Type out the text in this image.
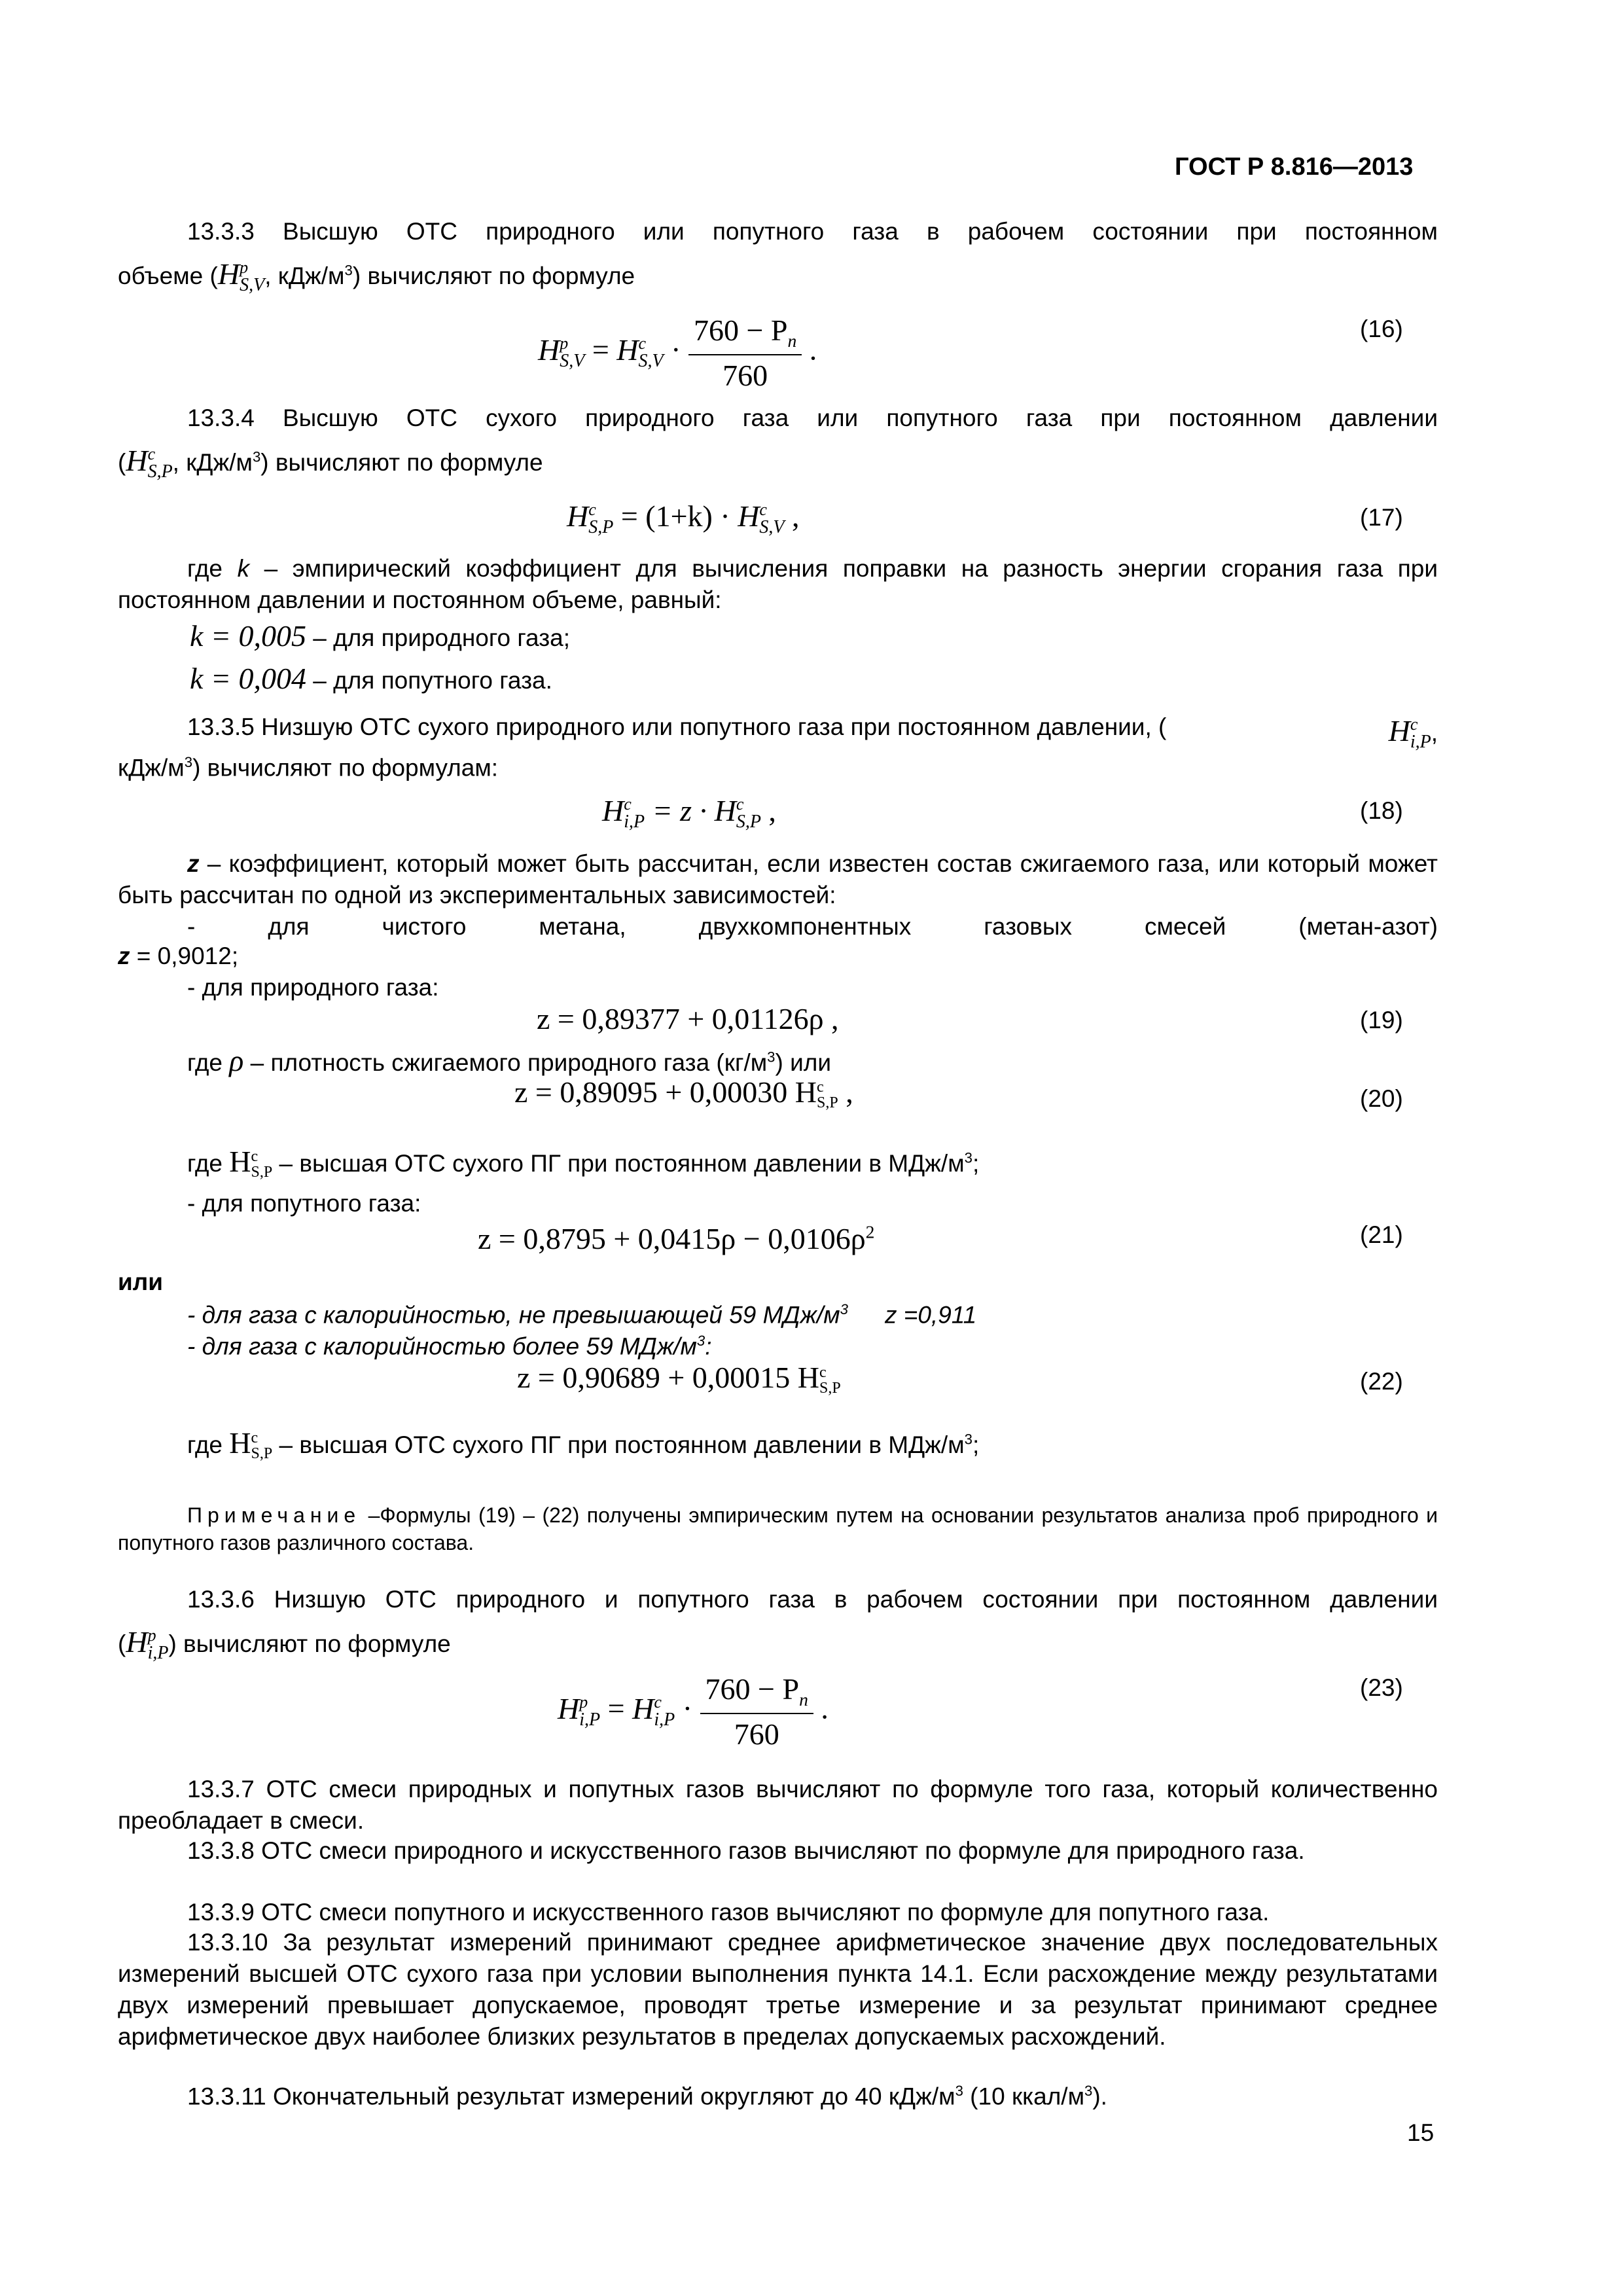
ГОСТ Р 8.816—2013
13.3.3 Высшую ОТС природного или попутного газа в рабочем состоянии при постоянном
объеме (H p
S,V , кДж/$м^3$) вычисляют по формуле
H p
S,V = H c
$S,V \cdot \frac{760 - P_n}{760}$ .
(16)
13.3.4 Высшую ОТС сухого природного газа или попутного газа при постоянном давлении
(H c
S,P , кДж/$м^3$) вычисляют по формуле
H c
S,P = (1+k) · H c
S,V ,	(17)
где k – эмпирический коэффициент для вычисления поправки на разность энергии сгорания газа при постоянном давлении и постоянном объеме, равный:
k = 0,005 – для природного газа;
k = 0,004 – для попутного газа.
13.3.5 Низшую ОТС сухого природного или попутного газа при постоянном давлении, (	H c
i,P ,
кДж/$м^3$) вычисляют по формулам:
H c
i,P = z · H c
S,P ,	(18)
z – коэффициент, который может быть рассчитан, если известен состав сжигаемого газа, или который может быть рассчитан по одной из экспериментальных зависимостей:
-       для       чистого       метана,       двухкомпонентных       газовых       смесей       (метан-азот)
z = 0,9012;
- для природного газа:
z = 0,89377 + 0,01126ρ ,	(19)
где ρ – плотность сжигаемого природного газа $(кг/м^3)$ или
z = 0,89095 + 0,00030 H c
S,P ,	(20)
где H c
S,P – высшая ОТС сухого ПГ при постоянном давлении в МДж/$м^3$;
- для попутного газа:
$z = 0,8795 + 0,0415\rho - 0,0106\rho^2$	(21)
или
- для газа с калорийностью, не превышающей 59 МДж/$м^3$ z =0,911
- для газа с калорийностью более 59 МДж/$м^3$:
z = 0,90689 + 0,00015 H c
S,P	(22)
где H c
S,P – высшая ОТС сухого ПГ при постоянном давлении в МДж/$м^3$;
Примечание –Формулы (19) – (22) получены эмпирическим путем на основании результатов анализа проб природного и попутного газов различного состава.
13.3.6 Низшую ОТС природного и попутного газа в рабочем состоянии при постоянном давлении
(H p
i,P ) вычисляют по формуле
H p
i,P = H c
$i,P \cdot \frac{760 - P_n}{760}$ .
(23)
13.3.7 ОТС смеси природных и попутных газов вычисляют по формуле того газа, который количественно преобладает в смеси.
13.3.8 ОТС смеси природного и искусственного газов вычисляют по формуле для природного газа.
13.3.9 ОТС смеси попутного и искусственного газов вычисляют по формуле для попутного газа.
13.3.10 За результат измерений принимают среднее арифметическое значение двух последовательных измерений высшей ОТС сухого газа при условии выполнения пункта 14.1. Если расхождение между результатами двух измерений превышает допускаемое, проводят третье измерение и за результат принимают среднее арифметическое двух наиболее близких результатов в пределах допускаемых расхождений.
13.3.11 Окончательный результат измерений округляют до 40 кДж/$м^3$ (10 ккал/$м^3$).
15
